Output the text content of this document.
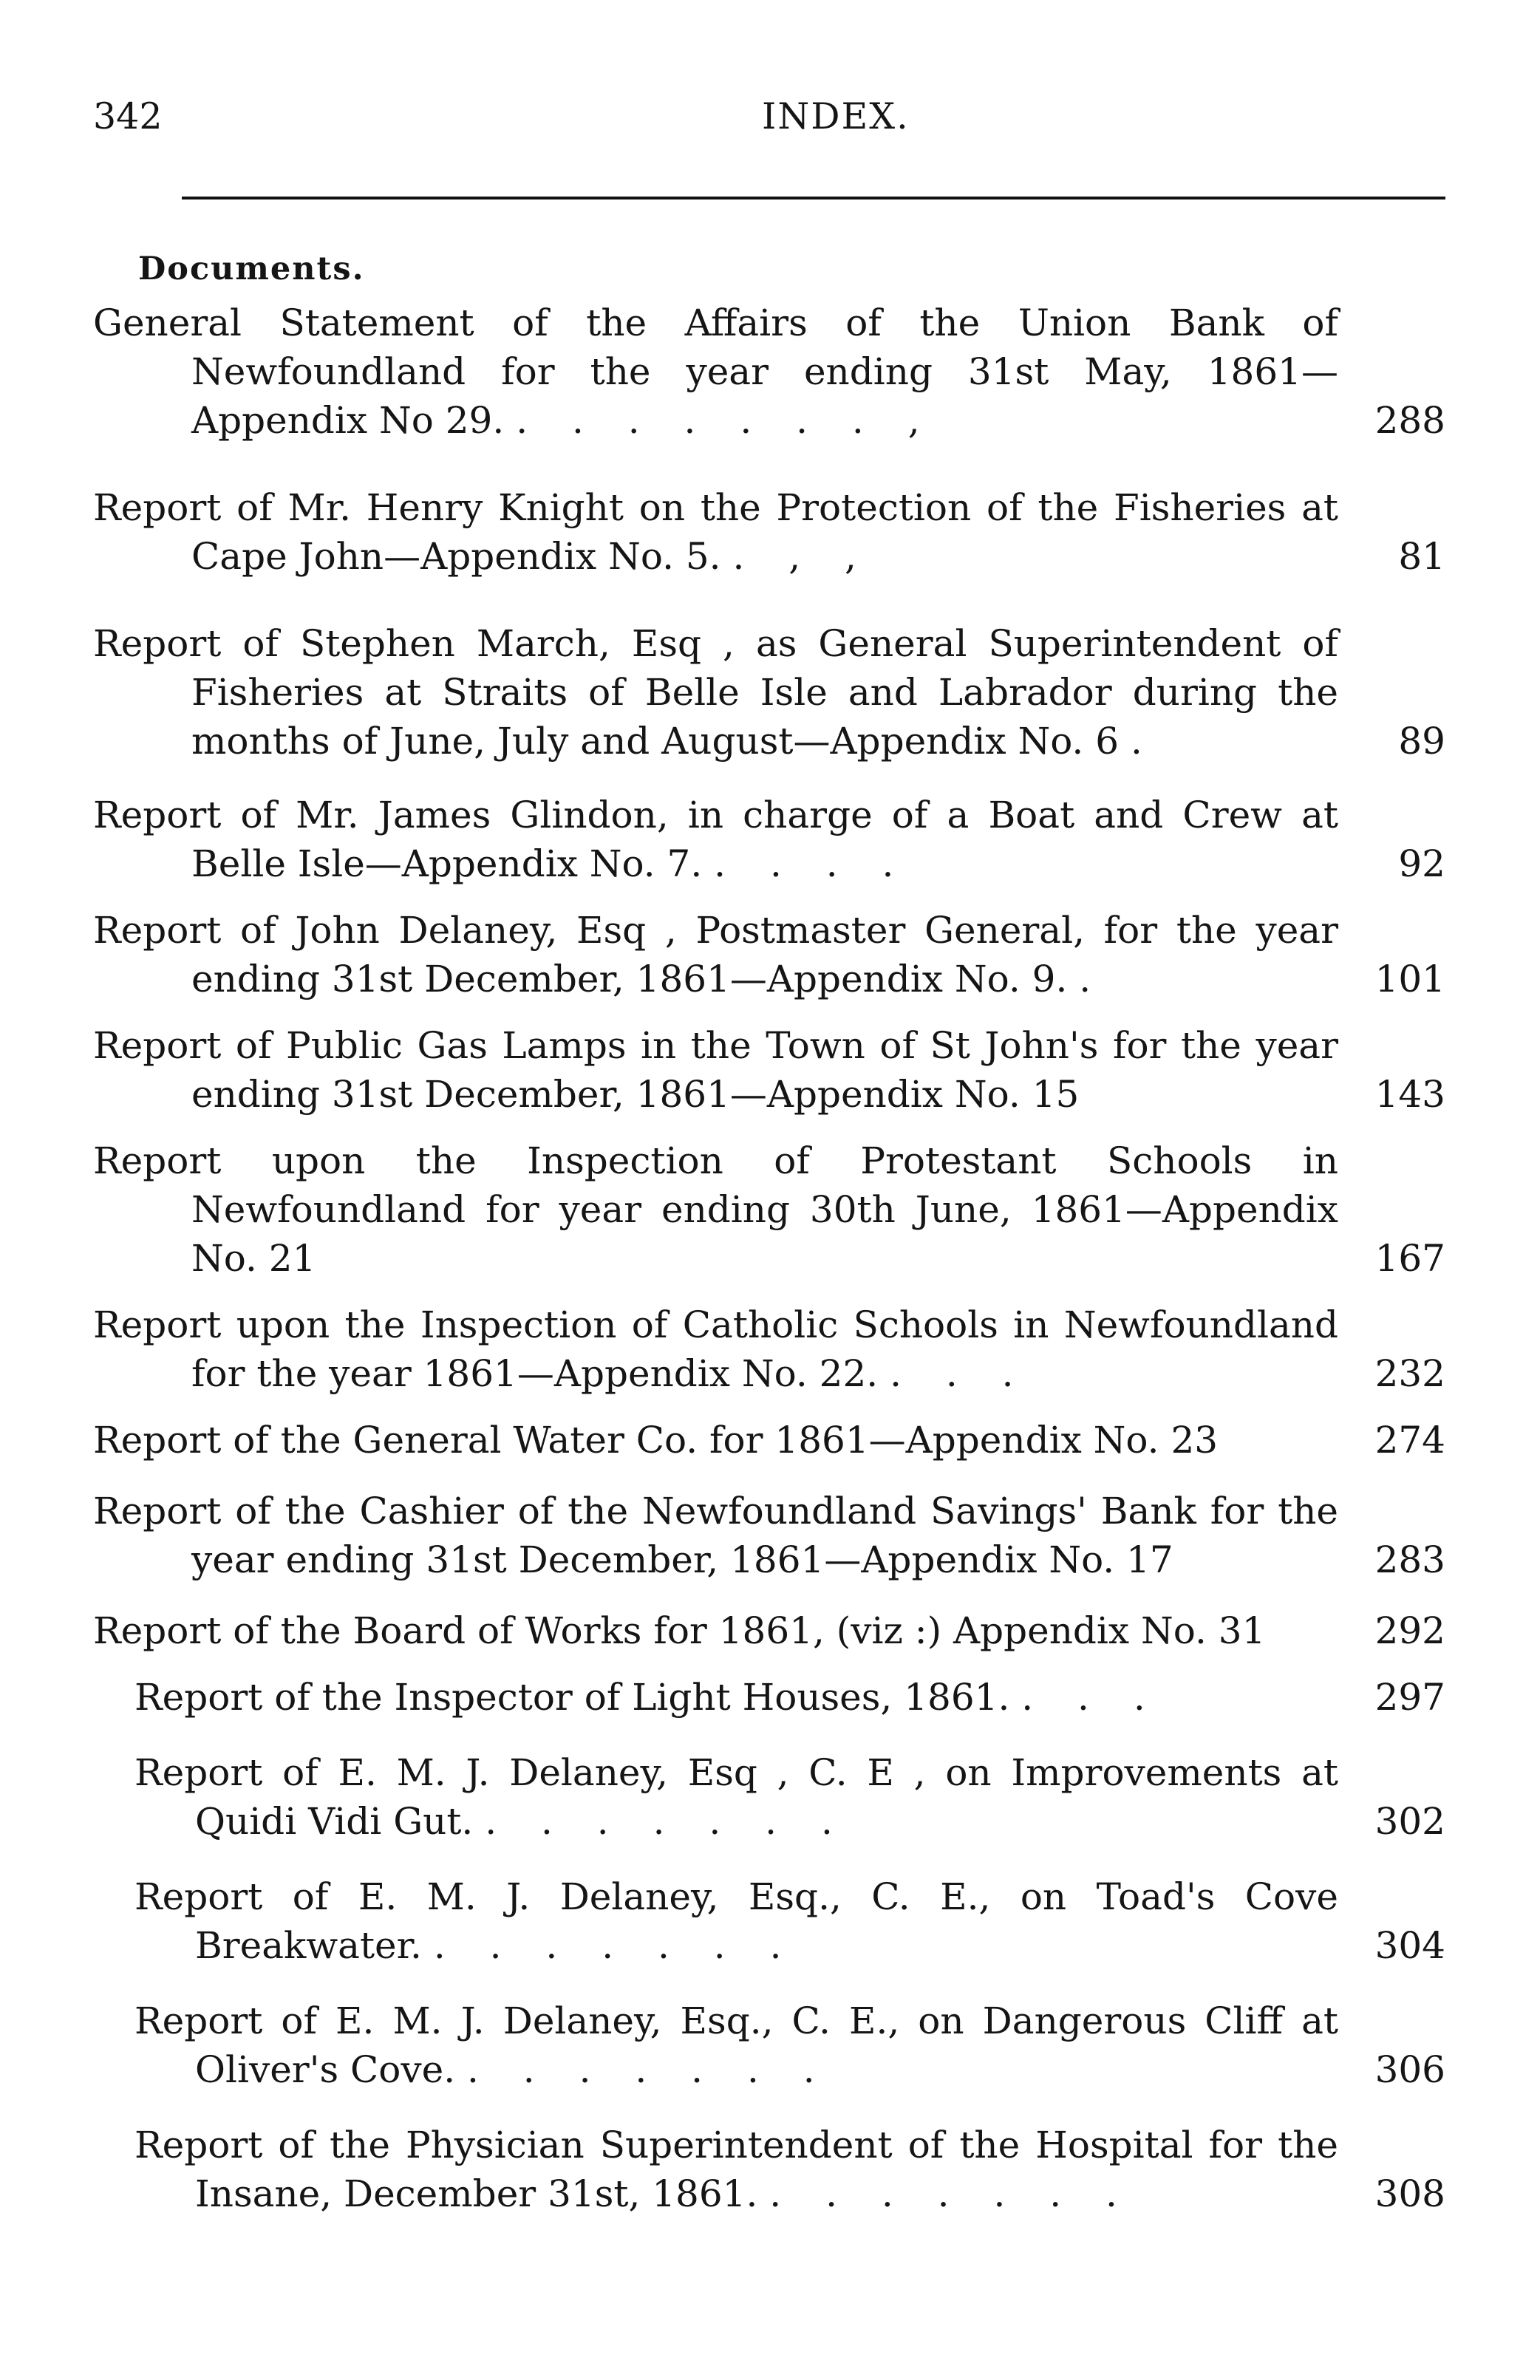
342	INDEX.
Documents.

General Statement of the Affairs of the Union Bank of Newfoundland for the year ending 31st May, 1861—Appendix No 29. . . . . . . . ,	288

Report of Mr. Henry Knight on the Protection of the Fisheries at Cape John—Appendix No. 5. . , ,	81

Report of Stephen March, Esq , as General Superintendent of Fisheries at Straits of Belle Isle and Labrador during the months of June, July and August—Appendix No. 6 .	89

Report of Mr. James Glindon, in charge of a Boat and Crew at Belle Isle—Appendix No. 7. . . . .	92

Report of John Delaney, Esq , Postmaster General, for the year ending 31st December, 1861—Appendix No. 9. .	101

Report of Public Gas Lamps in the Town of St John's for the year ending 31st December, 1861—Appendix No. 15	143

Report upon the Inspection of Protestant Schools in Newfoundland for year ending 30th June, 1861—Appendix No. 21	167

Report upon the Inspection of Catholic Schools in Newfoundland for the year 1861—Appendix No. 22. . . .	232

Report of the General Water Co. for 1861—Appendix No. 23	274

Report of the Cashier of the Newfoundland Savings' Bank for the year ending 31st December, 1861—Appendix No. 17	283

Report of the Board of Works for 1861, (viz :) Appendix No. 31	292

Report of the Inspector of Light Houses, 1861. . . .	297

Report of E. M. J. Delaney, Esq , C. E , on Improvements at Quidi Vidi Gut. . . . . . . .	302

Report of E. M. J. Delaney, Esq., C. E., on Toad's Cove Breakwater. . . . . . . .	304

Report of E. M. J. Delaney, Esq., C. E., on Dangerous Cliff at Oliver's Cove. . . . . . . .	306

Report of the Physician Superintendent of the Hospital for the Insane, December 31st, 1861. . . . . . . .	308
